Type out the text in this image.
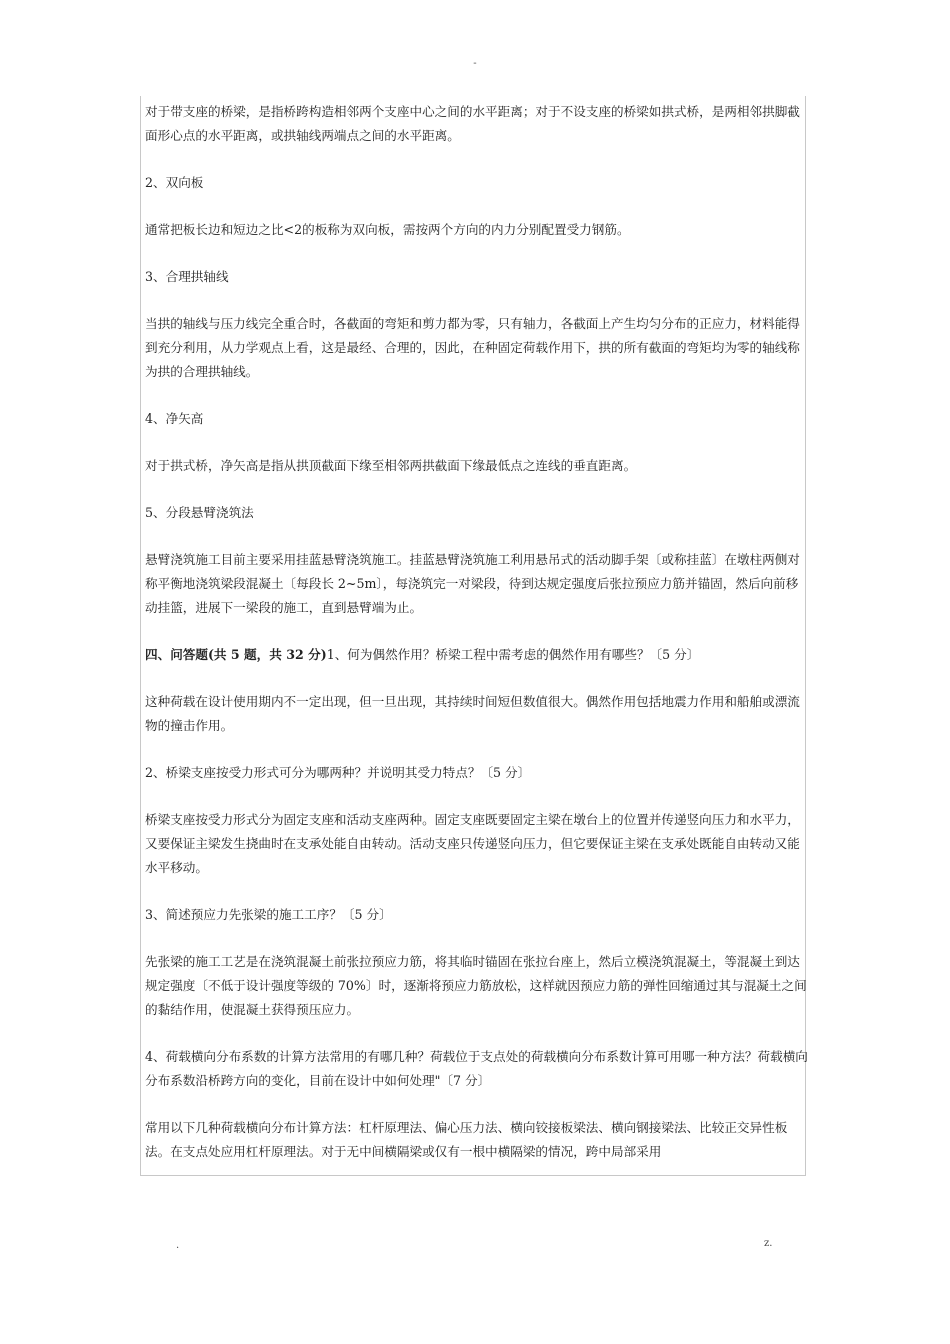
-

对于带支座的桥梁，是指桥跨构造相邻两个支座中心之间的水平距离；对于不设支座的桥梁如拱式桥，是两相邻拱脚截面形心点的水平距离，或拱轴线两端点之间的水平距离。

2、双向板

通常把板长边和短边之比<2的板称为双向板，需按两个方向的内力分别配置受力钢筋。

3、合理拱轴线

当拱的轴线与压力线完全重合时，各截面的弯矩和剪力都为零，只有轴力，各截面上产生均匀分布的正应力，材料能得到充分利用，从力学观点上看，这是最经、合理的，因此，在种固定荷载作用下，拱的所有截面的弯矩均为零的轴线称为拱的合理拱轴线。

4、净矢高

对于拱式桥，净矢高是指从拱顶截面下缘至相邻两拱截面下缘最低点之连线的垂直距离。

5、分段悬臂浇筑法

悬臂浇筑施工目前主要采用挂蓝悬臂浇筑施工。挂蓝悬臂浇筑施工利用悬吊式的活动脚手架〔或称挂蓝〕在墩柱两侧对称平衡地浇筑梁段混凝土〔每段长 2~5m〕，每浇筑完一对梁段，待到达规定强度后张拉预应力筋并锚固，然后向前移动挂篮，进展下一梁段的施工，直到悬臂端为止。

四、问答题(共 5 题，共 32 分)1、何为偶然作用？桥梁工程中需考虑的偶然作用有哪些？〔5 分〕

这种荷载在设计使用期内不一定出现，但一旦出现，其持续时间短但数值很大。偶然作用包括地震力作用和船舶或漂流物的撞击作用。

2、桥梁支座按受力形式可分为哪两种？并说明其受力特点？〔5 分〕

桥梁支座按受力形式分为固定支座和活动支座两种。固定支座既要固定主梁在墩台上的位置并传递竖向压力和水平力，又要保证主梁发生挠曲时在支承处能自由转动。活动支座只传递竖向压力，但它要保证主梁在支承处既能自由转动又能水平移动。

3、简述预应力先张梁的施工工序？〔5 分〕

先张梁的施工工艺是在浇筑混凝土前张拉预应力筋，将其临时锚固在张拉台座上，然后立模浇筑混凝土，等混凝土到达规定强度〔不低于设计强度等级的 70%〕时，逐渐将预应力筋放松，这样就因预应力筋的弹性回缩通过其与混凝土之间的黏结作用，使混凝土获得预压应力。

4、荷载横向分布系数的计算方法常用的有哪几种？荷载位于支点处的荷载横向分布系数计算可用哪一种方法？荷载横向分布系数沿桥跨方向的变化，目前在设计中如何处理"〔7 分〕

常用以下几种荷载横向分布计算方法：杠杆原理法、偏心压力法、横向铰接板梁法、横向钢接梁法、比较正交异性板法。在支点处应用杠杆原理法。对于无中间横隔梁或仅有一根中横隔梁的情况，跨中局部采用

.	z.
